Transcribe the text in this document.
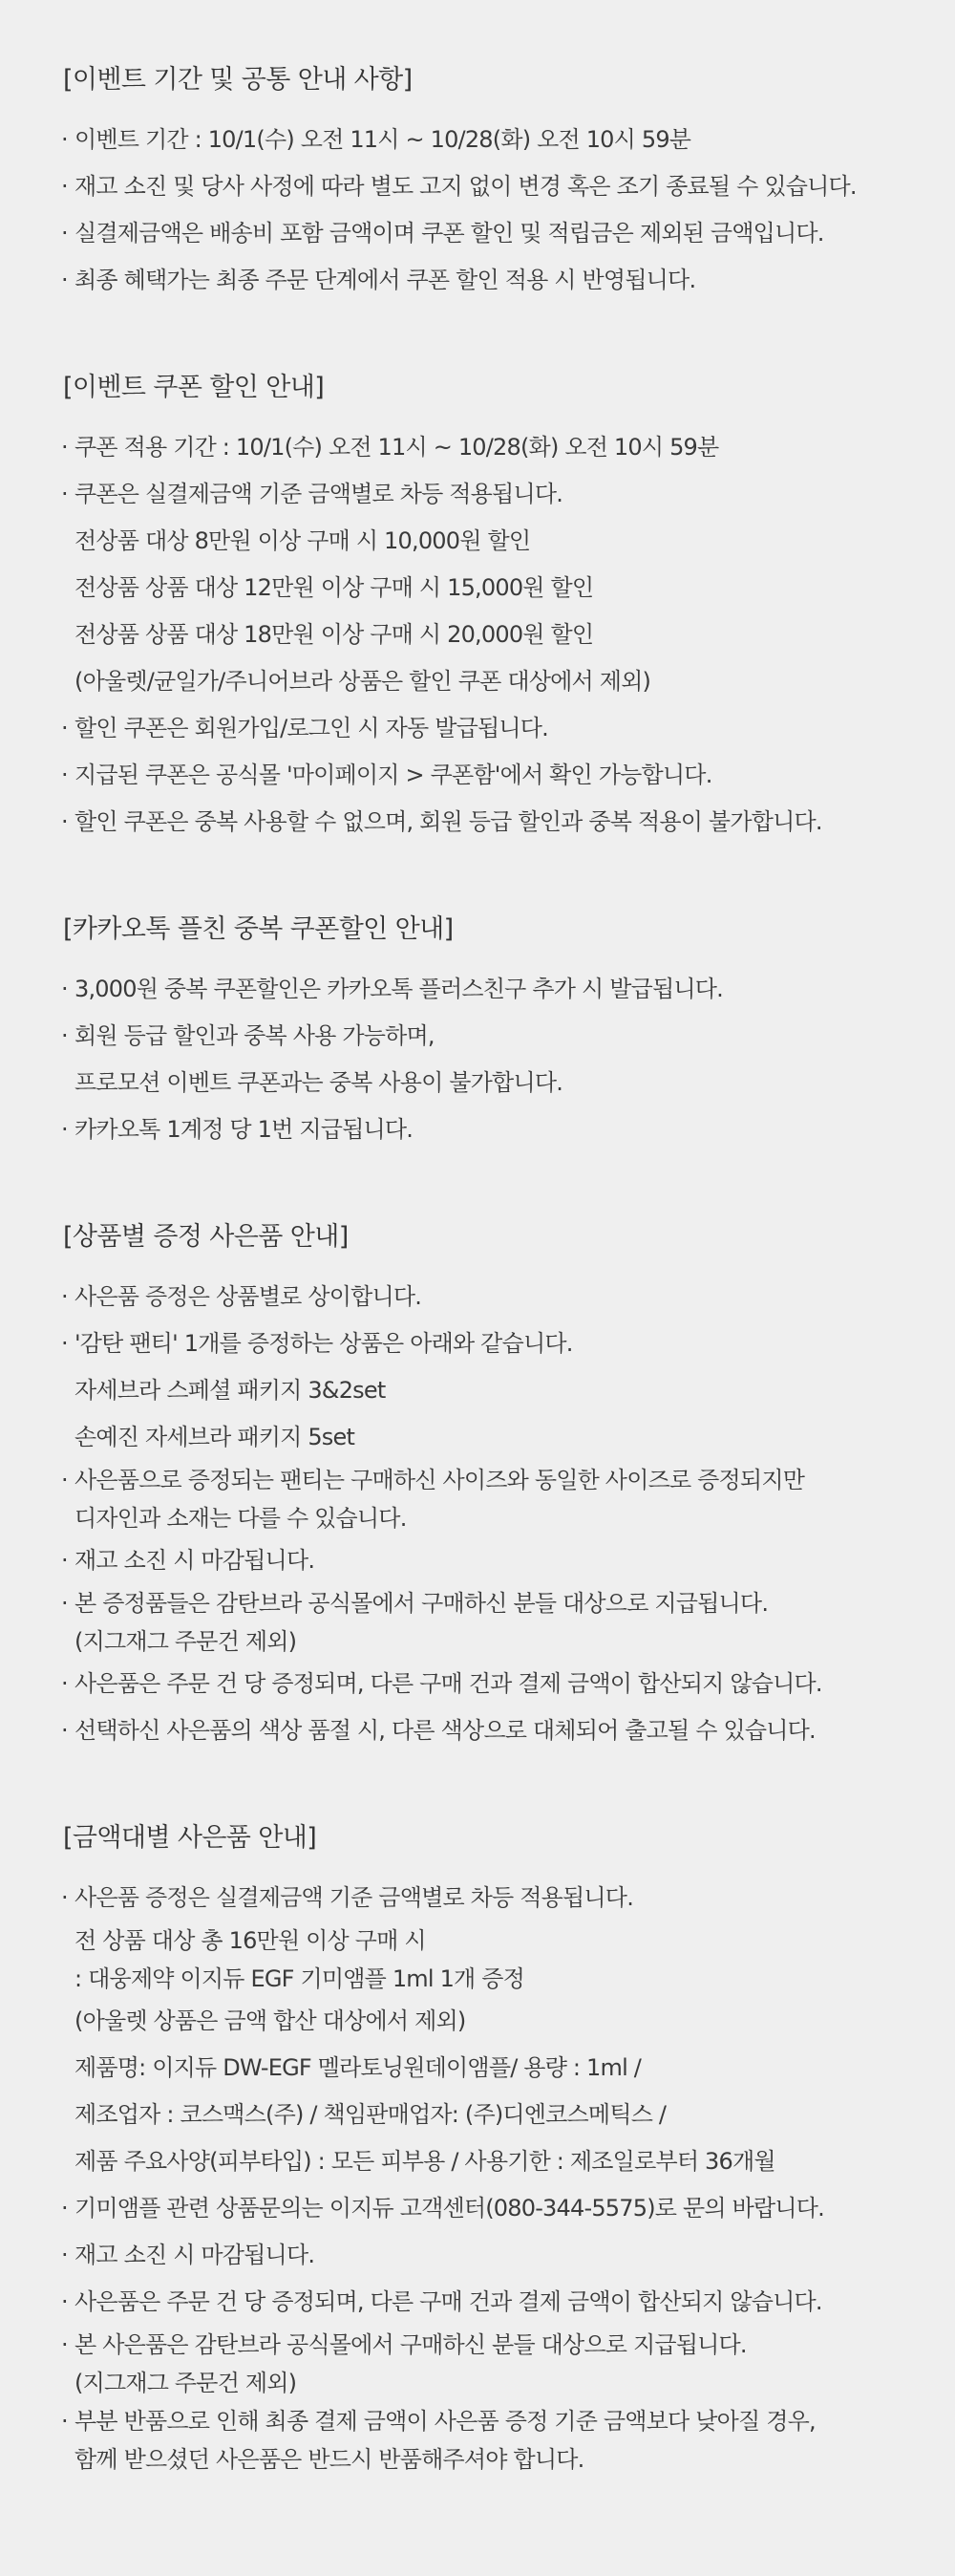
[이벤트 기간 및 공통 안내 사항]
· 이벤트 기간 : 10/1(수) 오전 11시 ~ 10/28(화) 오전 10시 59분
· 재고 소진 및 당사 사정에 따라 별도 고지 없이 변경 혹은 조기 종료될 수 있습니다.
· 실결제금액은 배송비 포함 금액이며 쿠폰 할인 및 적립금은 제외된 금액입니다.
· 최종 혜택가는 최종 주문 단계에서 쿠폰 할인 적용 시 반영됩니다.
[이벤트 쿠폰 할인 안내]
· 쿠폰 적용 기간 : 10/1(수) 오전 11시 ~ 10/28(화) 오전 10시 59분
· 쿠폰은 실결제금액 기준 금액별로 차등 적용됩니다.
전상품 대상 8만원 이상 구매 시 10,000원 할인
전상품 상품 대상 12만원 이상 구매 시 15,000원 할인
전상품 상품 대상 18만원 이상 구매 시 20,000원 할인
(아울렛/균일가/주니어브라 상품은 할인 쿠폰 대상에서 제외)
· 할인 쿠폰은 회원가입/로그인 시 자동 발급됩니다.
· 지급된 쿠폰은 공식몰 '마이페이지 > 쿠폰함'에서 확인 가능합니다.
· 할인 쿠폰은 중복 사용할 수 없으며, 회원 등급 할인과 중복 적용이 불가합니다.
[카카오톡 플친 중복 쿠폰할인 안내]
· 3,000원 중복 쿠폰할인은 카카오톡 플러스친구 추가 시 발급됩니다.
· 회원 등급 할인과 중복 사용 가능하며,
프로모션 이벤트 쿠폰과는 중복 사용이 불가합니다.
· 카카오톡 1계정 당 1번 지급됩니다.
[상품별 증정 사은품 안내]
· 사은품 증정은 상품별로 상이합니다.
· '감탄 팬티' 1개를 증정하는 상품은 아래와 같습니다.
자세브라 스페셜 패키지 3&2set
손예진 자세브라 패키지 5set
· 사은품으로 증정되는 팬티는 구매하신 사이즈와 동일한 사이즈로 증정되지만
디자인과 소재는 다를 수 있습니다.
· 재고 소진 시 마감됩니다.
· 본 증정품들은 감탄브라 공식몰에서 구매하신 분들 대상으로 지급됩니다.
(지그재그 주문건 제외)
· 사은품은 주문 건 당 증정되며, 다른 구매 건과 결제 금액이 합산되지 않습니다.
· 선택하신 사은품의 색상 품절 시, 다른 색상으로 대체되어 출고될 수 있습니다.
[금액대별 사은품 안내]
· 사은품 증정은 실결제금액 기준 금액별로 차등 적용됩니다.
전 상품 대상 총 16만원 이상 구매 시
: 대웅제약 이지듀 EGF 기미앰플 1ml 1개 증정
(아울렛 상품은 금액 합산 대상에서 제외)
제품명: 이지듀 DW-EGF 멜라토닝원데이앰플/ 용량 : 1ml /
제조업자 : 코스맥스(주) / 책임판매업자: (주)디엔코스메틱스 /
제품 주요사양(피부타입) : 모든 피부용 / 사용기한 : 제조일로부터 36개월
· 기미앰플 관련 상품문의는 이지듀 고객센터(080-344-5575)로 문의 바랍니다.
· 재고 소진 시 마감됩니다.
· 사은품은 주문 건 당 증정되며, 다른 구매 건과 결제 금액이 합산되지 않습니다.
· 본 사은품은 감탄브라 공식몰에서 구매하신 분들 대상으로 지급됩니다.
(지그재그 주문건 제외)
· 부분 반품으로 인해 최종 결제 금액이 사은품 증정 기준 금액보다 낮아질 경우,
함께 받으셨던 사은품은 반드시 반품해주셔야 합니다.
